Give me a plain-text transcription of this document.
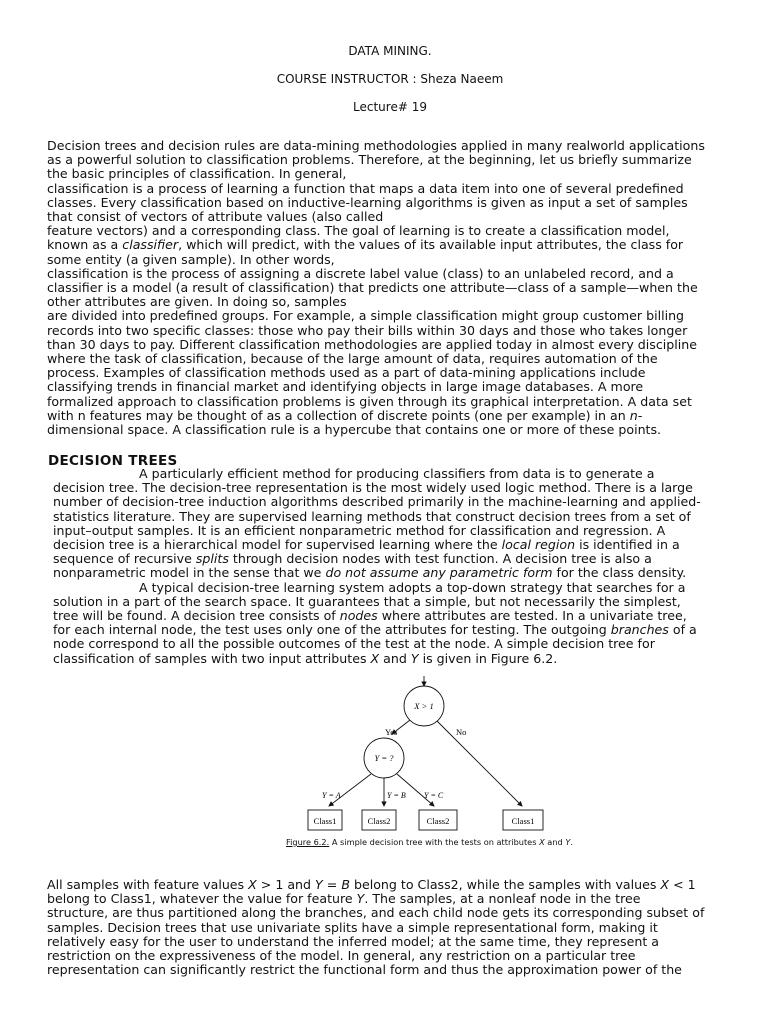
DATA MINING.
COURSE INSTRUCTOR : Sheza Naeem
Lecture# 19
Decision trees and decision rules are data-mining methodologies applied in many realworld applications
as a powerful solution to classification problems. Therefore, at the beginning, let us briefly summarize
the basic principles of classification. In general,
classification is a process of learning a function that maps a data item into one of several predefined
classes. Every classification based on inductive-learning algorithms is given as input a set of samples
that consist of vectors of attribute values (also called
feature vectors) and a corresponding class. The goal of learning is to create a classification model,
known as a classifier, which will predict, with the values of its available input attributes, the class for
some entity (a given sample). In other words,
classification is the process of assigning a discrete label value (class) to an unlabeled record, and a
classifier is a model (a result of classification) that predicts one attribute—class of a sample—when the
other attributes are given. In doing so, samples
are divided into predefined groups. For example, a simple classification might group customer billing
records into two specific classes: those who pay their bills within 30 days and those who takes longer
than 30 days to pay. Different classification methodologies are applied today in almost every discipline
where the task of classification, because of the large amount of data, requires automation of the
process. Examples of classification methods used as a part of data-mining applications include
classifying trends in financial market and identifying objects in large image databases. A more
formalized approach to classification problems is given through its graphical interpretation. A data set
with n features may be thought of as a collection of discrete points (one per example) in an n-
dimensional space. A classification rule is a hypercube that contains one or more of these points.
DECISION TREES
A particularly efficient method for producing classifiers from data is to generate a
decision tree. The decision-tree representation is the most widely used logic method. There is a large
number of decision-tree induction algorithms described primarily in the machine-learning and applied-
statistics literature. They are supervised learning methods that construct decision trees from a set of
input–output samples. It is an efficient nonparametric method for classification and regression. A
decision tree is a hierarchical model for supervised learning where the local region is identified in a
sequence of recursive splits through decision nodes with test function. A decision tree is also a
nonparametric model in the sense that we do not assume any parametric form for the class density.
A typical decision-tree learning system adopts a top-down strategy that searches for a
solution in a part of the search space. It guarantees that a simple, but not necessarily the simplest,
tree will be found. A decision tree consists of nodes where attributes are tested. In a univariate tree,
for each internal node, the test uses only one of the attributes for testing. The outgoing branches of a
node correspond to all the possible outcomes of the test at the node. A simple decision tree for
classification of samples with two input attributes X and Y is given in Figure 6.2.
X > 1
Yes	No
Y = ?
Y = A	Y = B Y = C
Class1	Class2	Class2	Class1
Figure 6.2. A simple decision tree with the tests on attributes X and Y.
All samples with feature values X > 1 and Y = B belong to Class2, while the samples with values X < 1
belong to Class1, whatever the value for feature Y. The samples, at a nonleaf node in the tree
structure, are thus partitioned along the branches, and each child node gets its corresponding subset of
samples. Decision trees that use univariate splits have a simple representational form, making it
relatively easy for the user to understand the inferred model; at the same time, they represent a
restriction on the expressiveness of the model. In general, any restriction on a particular tree
representation can significantly restrict the functional form and thus the approximation power of the
